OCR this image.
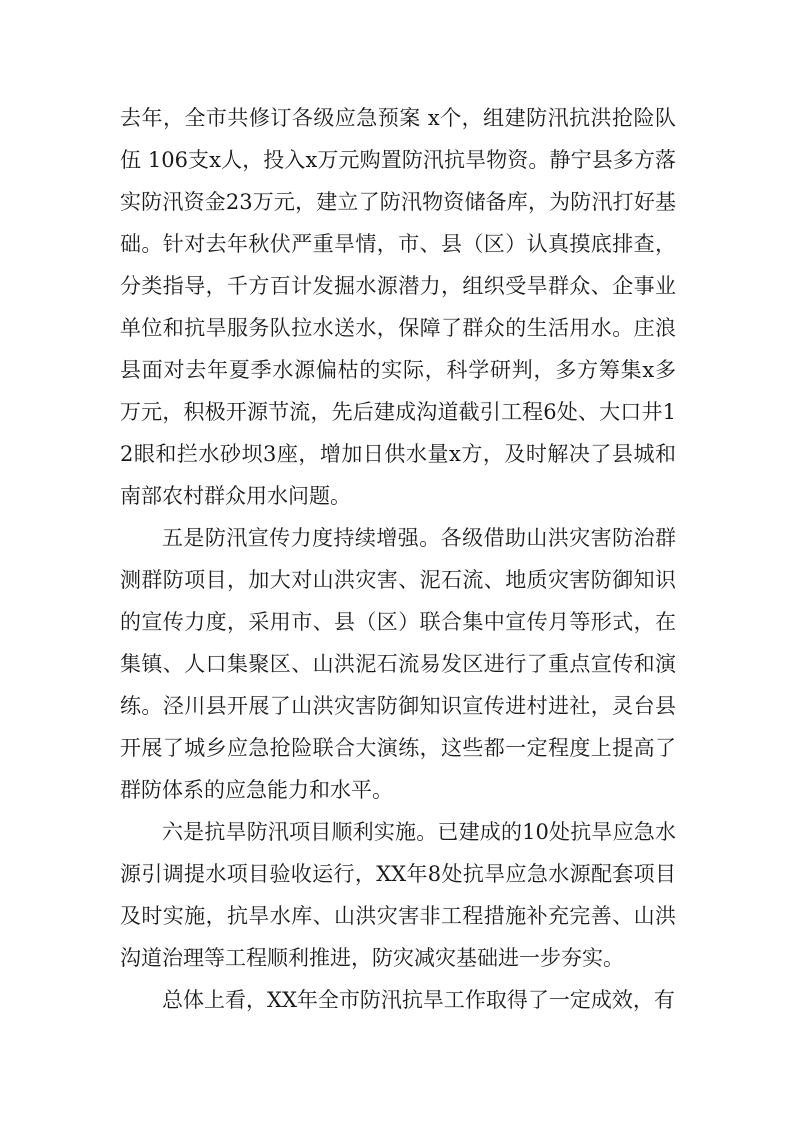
去年，全市共修订各级应急预案 x个，组建防汛抗洪抢险队伍 106支x人，投入x万元购置防汛抗旱物资。静宁县多方落实防汛资金23万元，建立了防汛物资储备库，为防汛打好基础。针对去年秋伏严重旱情，市、县（区）认真摸底排查，分类指导，千方百计发掘水源潜力，组织受旱群众、企事业单位和抗旱服务队拉水送水，保障了群众的生活用水。庄浪县面对去年夏季水源偏枯的实际，科学研判，多方筹集x多万元，积极开源节流，先后建成沟道截引工程6处、大口井12眼和拦水砂坝3座，增加日供水量x方，及时解决了县城和南部农村群众用水问题。

五是防汛宣传力度持续增强。各级借助山洪灾害防治群测群防项目，加大对山洪灾害、泥石流、地质灾害防御知识的宣传力度，采用市、县（区）联合集中宣传月等形式，在集镇、人口集聚区、山洪泥石流易发区进行了重点宣传和演练。泾川县开展了山洪灾害防御知识宣传进村进社，灵台县开展了城乡应急抢险联合大演练，这些都一定程度上提高了群防体系的应急能力和水平。

六是抗旱防汛项目顺利实施。已建成的10处抗旱应急水源引调提水项目验收运行，XX年8处抗旱应急水源配套项目及时实施，抗旱水库、山洪灾害非工程措施补充完善、山洪沟道治理等工程顺利推进，防灾减灾基础进一步夯实。

总体上看，XX年全市防汛抗旱工作取得了一定成效，有
